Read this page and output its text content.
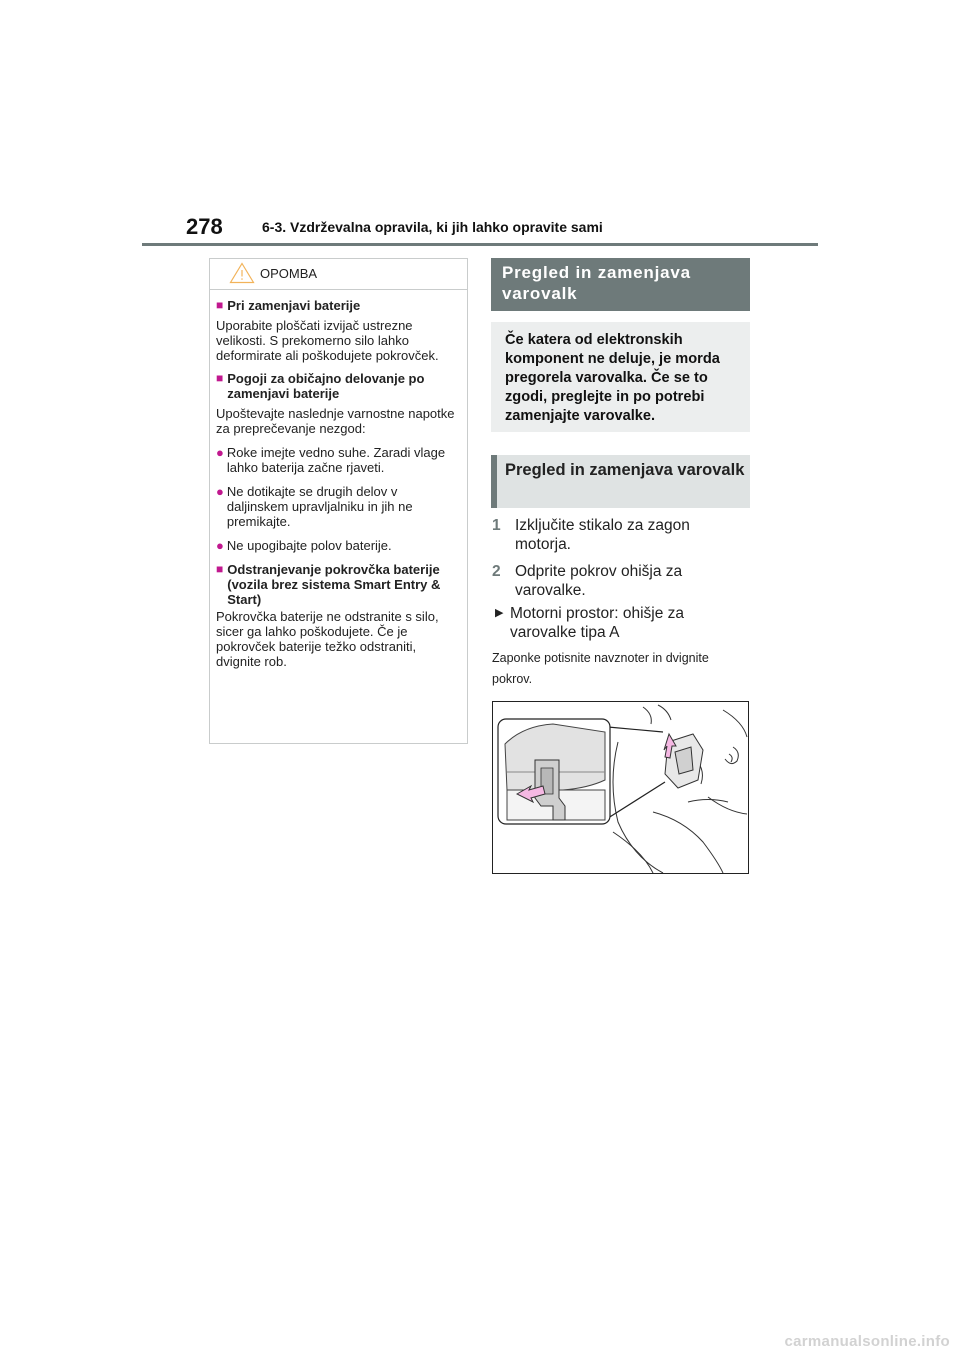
278	6-3. Vzdrževalna opravila, ki jih lahko opravite sami
OPOMBA
■ Pri zamenjavi baterije
Uporabite ploščati izvijač ustrezne velikosti. S prekomerno silo lahko deformirate ali poškodujete pokrovček.
■ Pogoji za običajno delovanje po zamenjavi baterije
Upoštevajte naslednje varnostne napotke za preprečevanje nezgod:
● Roke imejte vedno suhe. Zaradi vlage lahko baterija začne rjaveti.
● Ne dotikajte se drugih delov v daljinskem upravljalniku in jih ne premikajte.
● Ne upogibajte polov baterije.
■ Odstranjevanje pokrovčka baterije (vozila brez sistema Smart Entry & Start)
Pokrovčka baterije ne odstranite s silo, sicer ga lahko poškodujete. Če je pokrovček baterije težko odstraniti, dvignite rob.
Pregled in zamenjava varovalk
Če katera od elektronskih komponent ne deluje, je morda pregorela varovalka. Če se to zgodi, preglejte in po potrebi zamenjajte varovalke.
Pregled in zamenjava varovalk
1 Izključite stikalo za zagon motorja.
2 Odprite pokrov ohišja za varovalke.
▶ Motorni prostor: ohišje za varovalke tipa A
Zaponke potisnite navznoter in dvignite pokrov.
carmanualsonline.info
